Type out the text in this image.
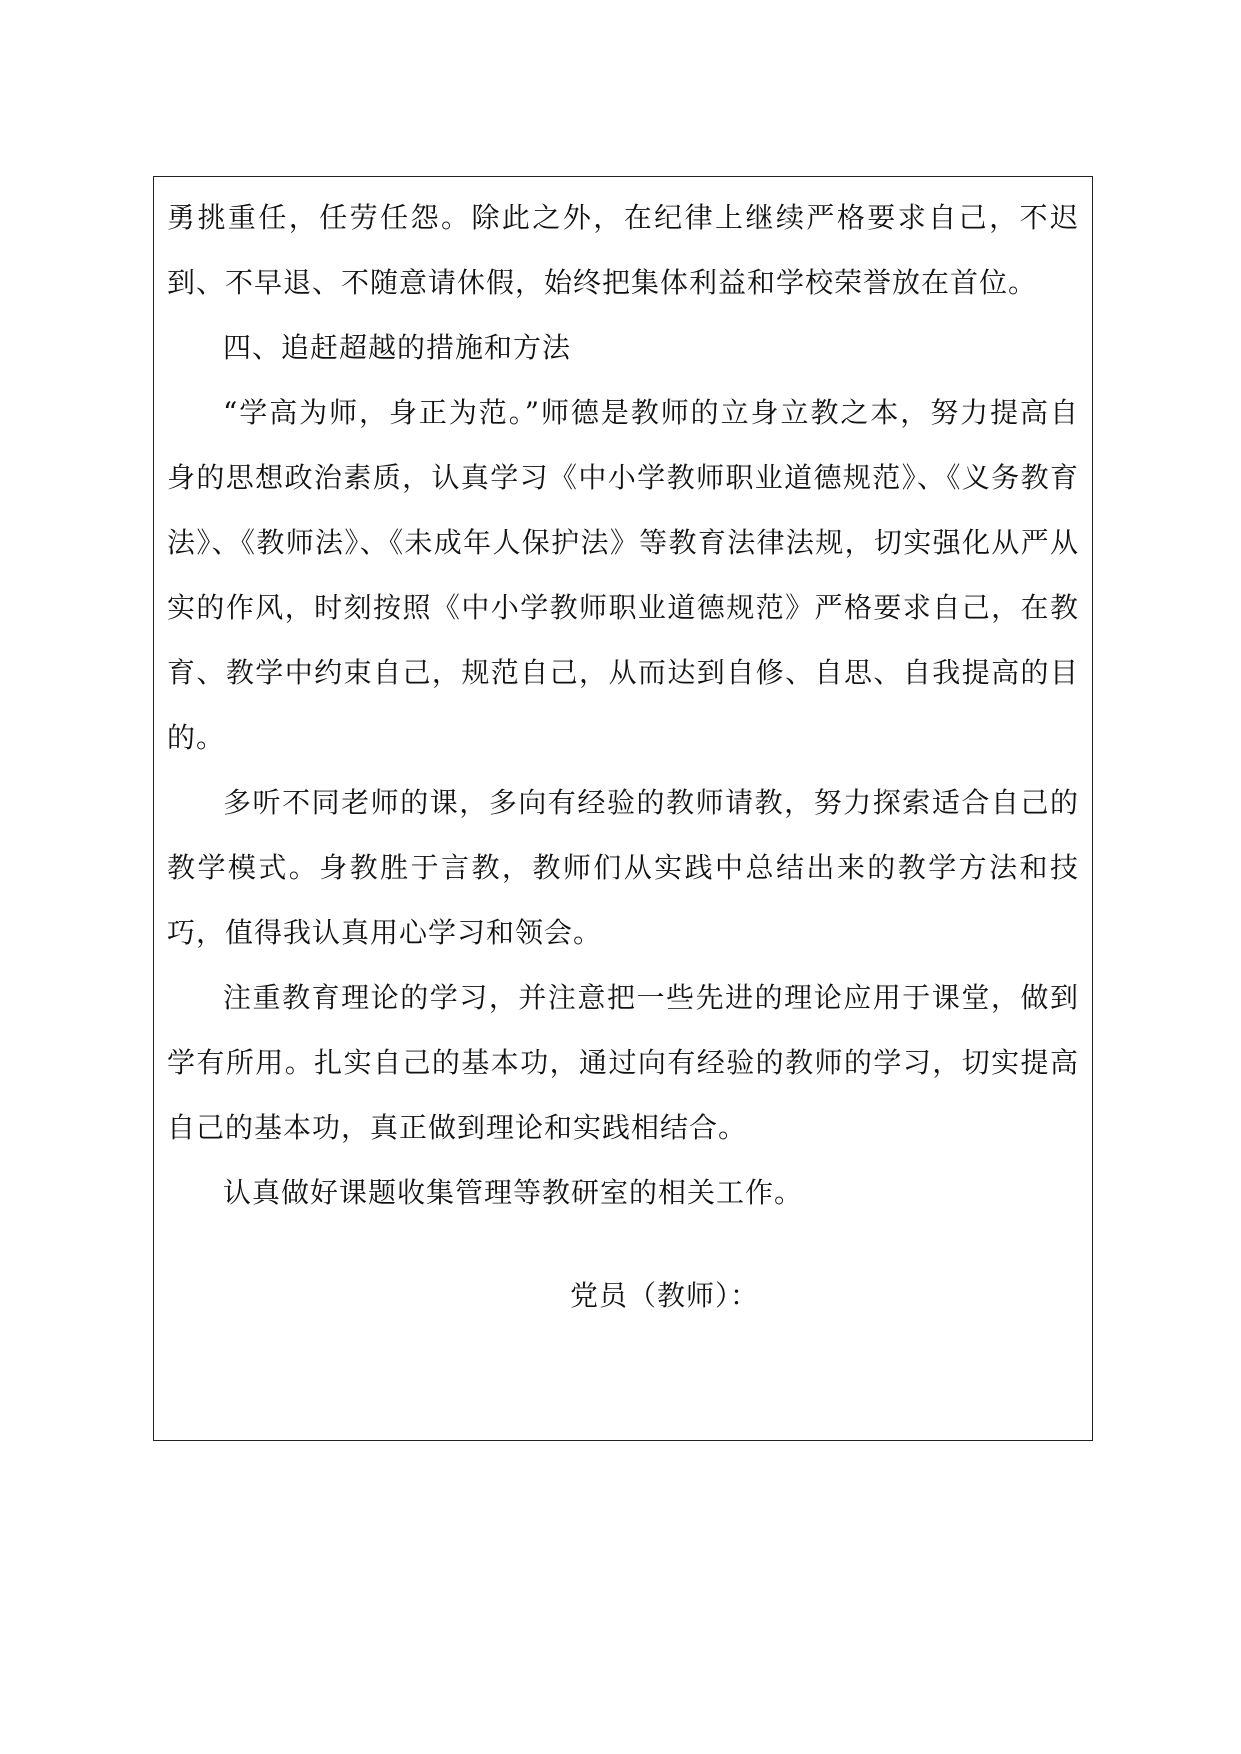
勇挑重任，任劳任怨。除此之外，在纪律上继续严格要求自己，不迟到、不早退、不随意请休假，始终把集体利益和学校荣誉放在首位。

四、追赶超越的措施和方法

“学高为师，身正为范。”师德是教师的立身立教之本，努力提高自身的思想政治素质，认真学习《中小学教师职业道德规范》、《义务教育法》、《教师法》、《未成年人保护法》等教育法律法规，切实强化从严从实的作风，时刻按照《中小学教师职业道德规范》严格要求自己，在教育、教学中约束自己，规范自己，从而达到自修、自思、自我提高的目的。

多听不同老师的课，多向有经验的教师请教，努力探索适合自己的教学模式。身教胜于言教，教师们从实践中总结出来的教学方法和技巧，值得我认真用心学习和领会。

注重教育理论的学习，并注意把一些先进的理论应用于课堂，做到学有所用。扎实自己的基本功，通过向有经验的教师的学习，切实提高自己的基本功，真正做到理论和实践相结合。

认真做好课题收集管理等教研室的相关工作。

党员（教师）：
